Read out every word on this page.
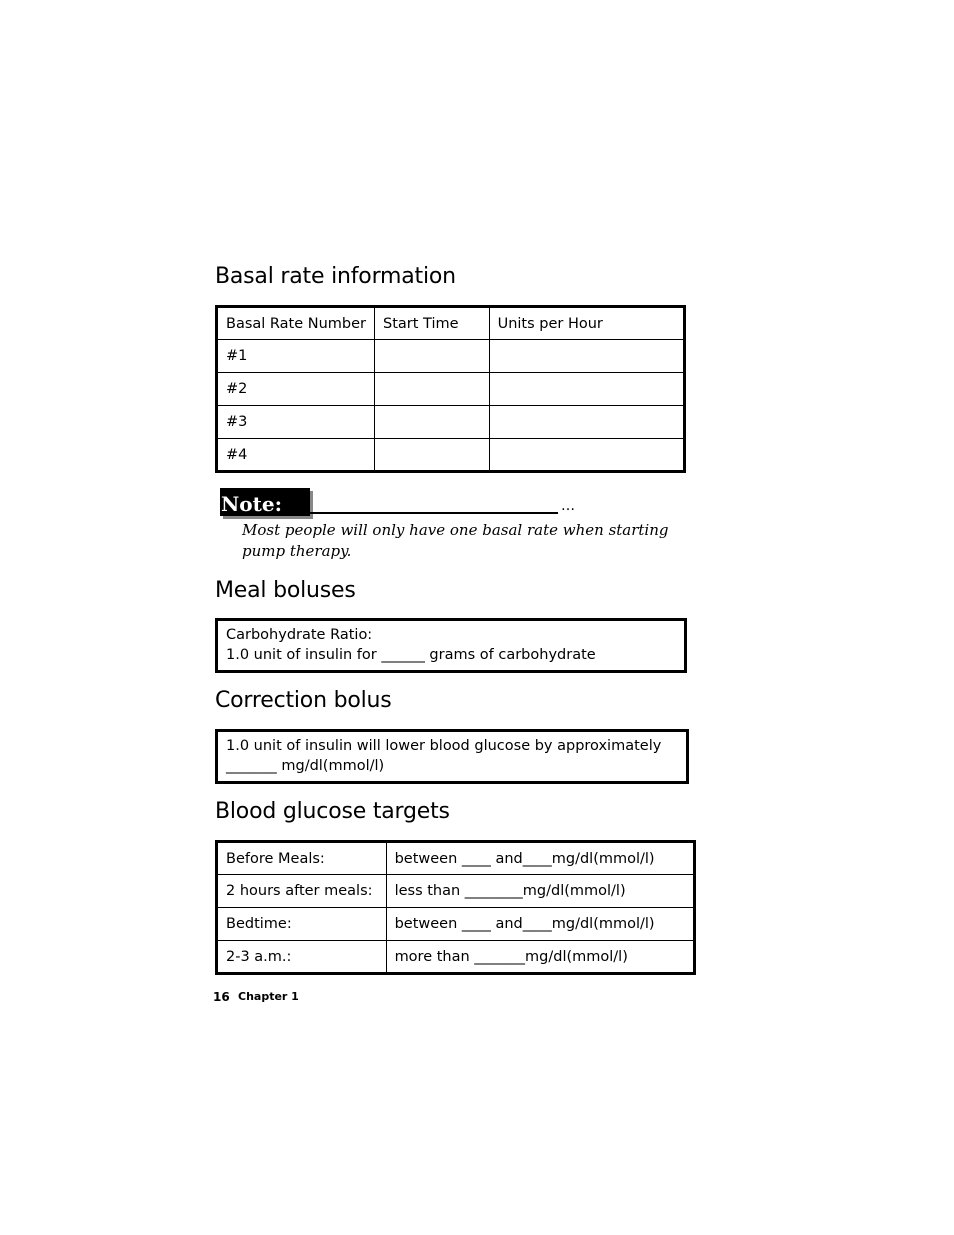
Basal rate information
Basal Rate Number	Start Time	Units per Hour
#1		
#2		
#3		
#4		
Note:	…
Most people will only have one basal rate when starting pump therapy.
Meal boluses
Carbohydrate Ratio:
1.0 unit of insulin for ______ grams of carbohydrate
Correction bolus
1.0 unit of insulin will lower blood glucose by approximately
_______ mg/dl(mmol/l)
Blood glucose targets
Before Meals:	between ____ and____mg/dl(mmol/l)
2 hours after meals:	less than ________mg/dl(mmol/l)
Bedtime:	between ____ and____mg/dl(mmol/l)
2-3 a.m.:	more than _______mg/dl(mmol/l)
16 Chapter 1
